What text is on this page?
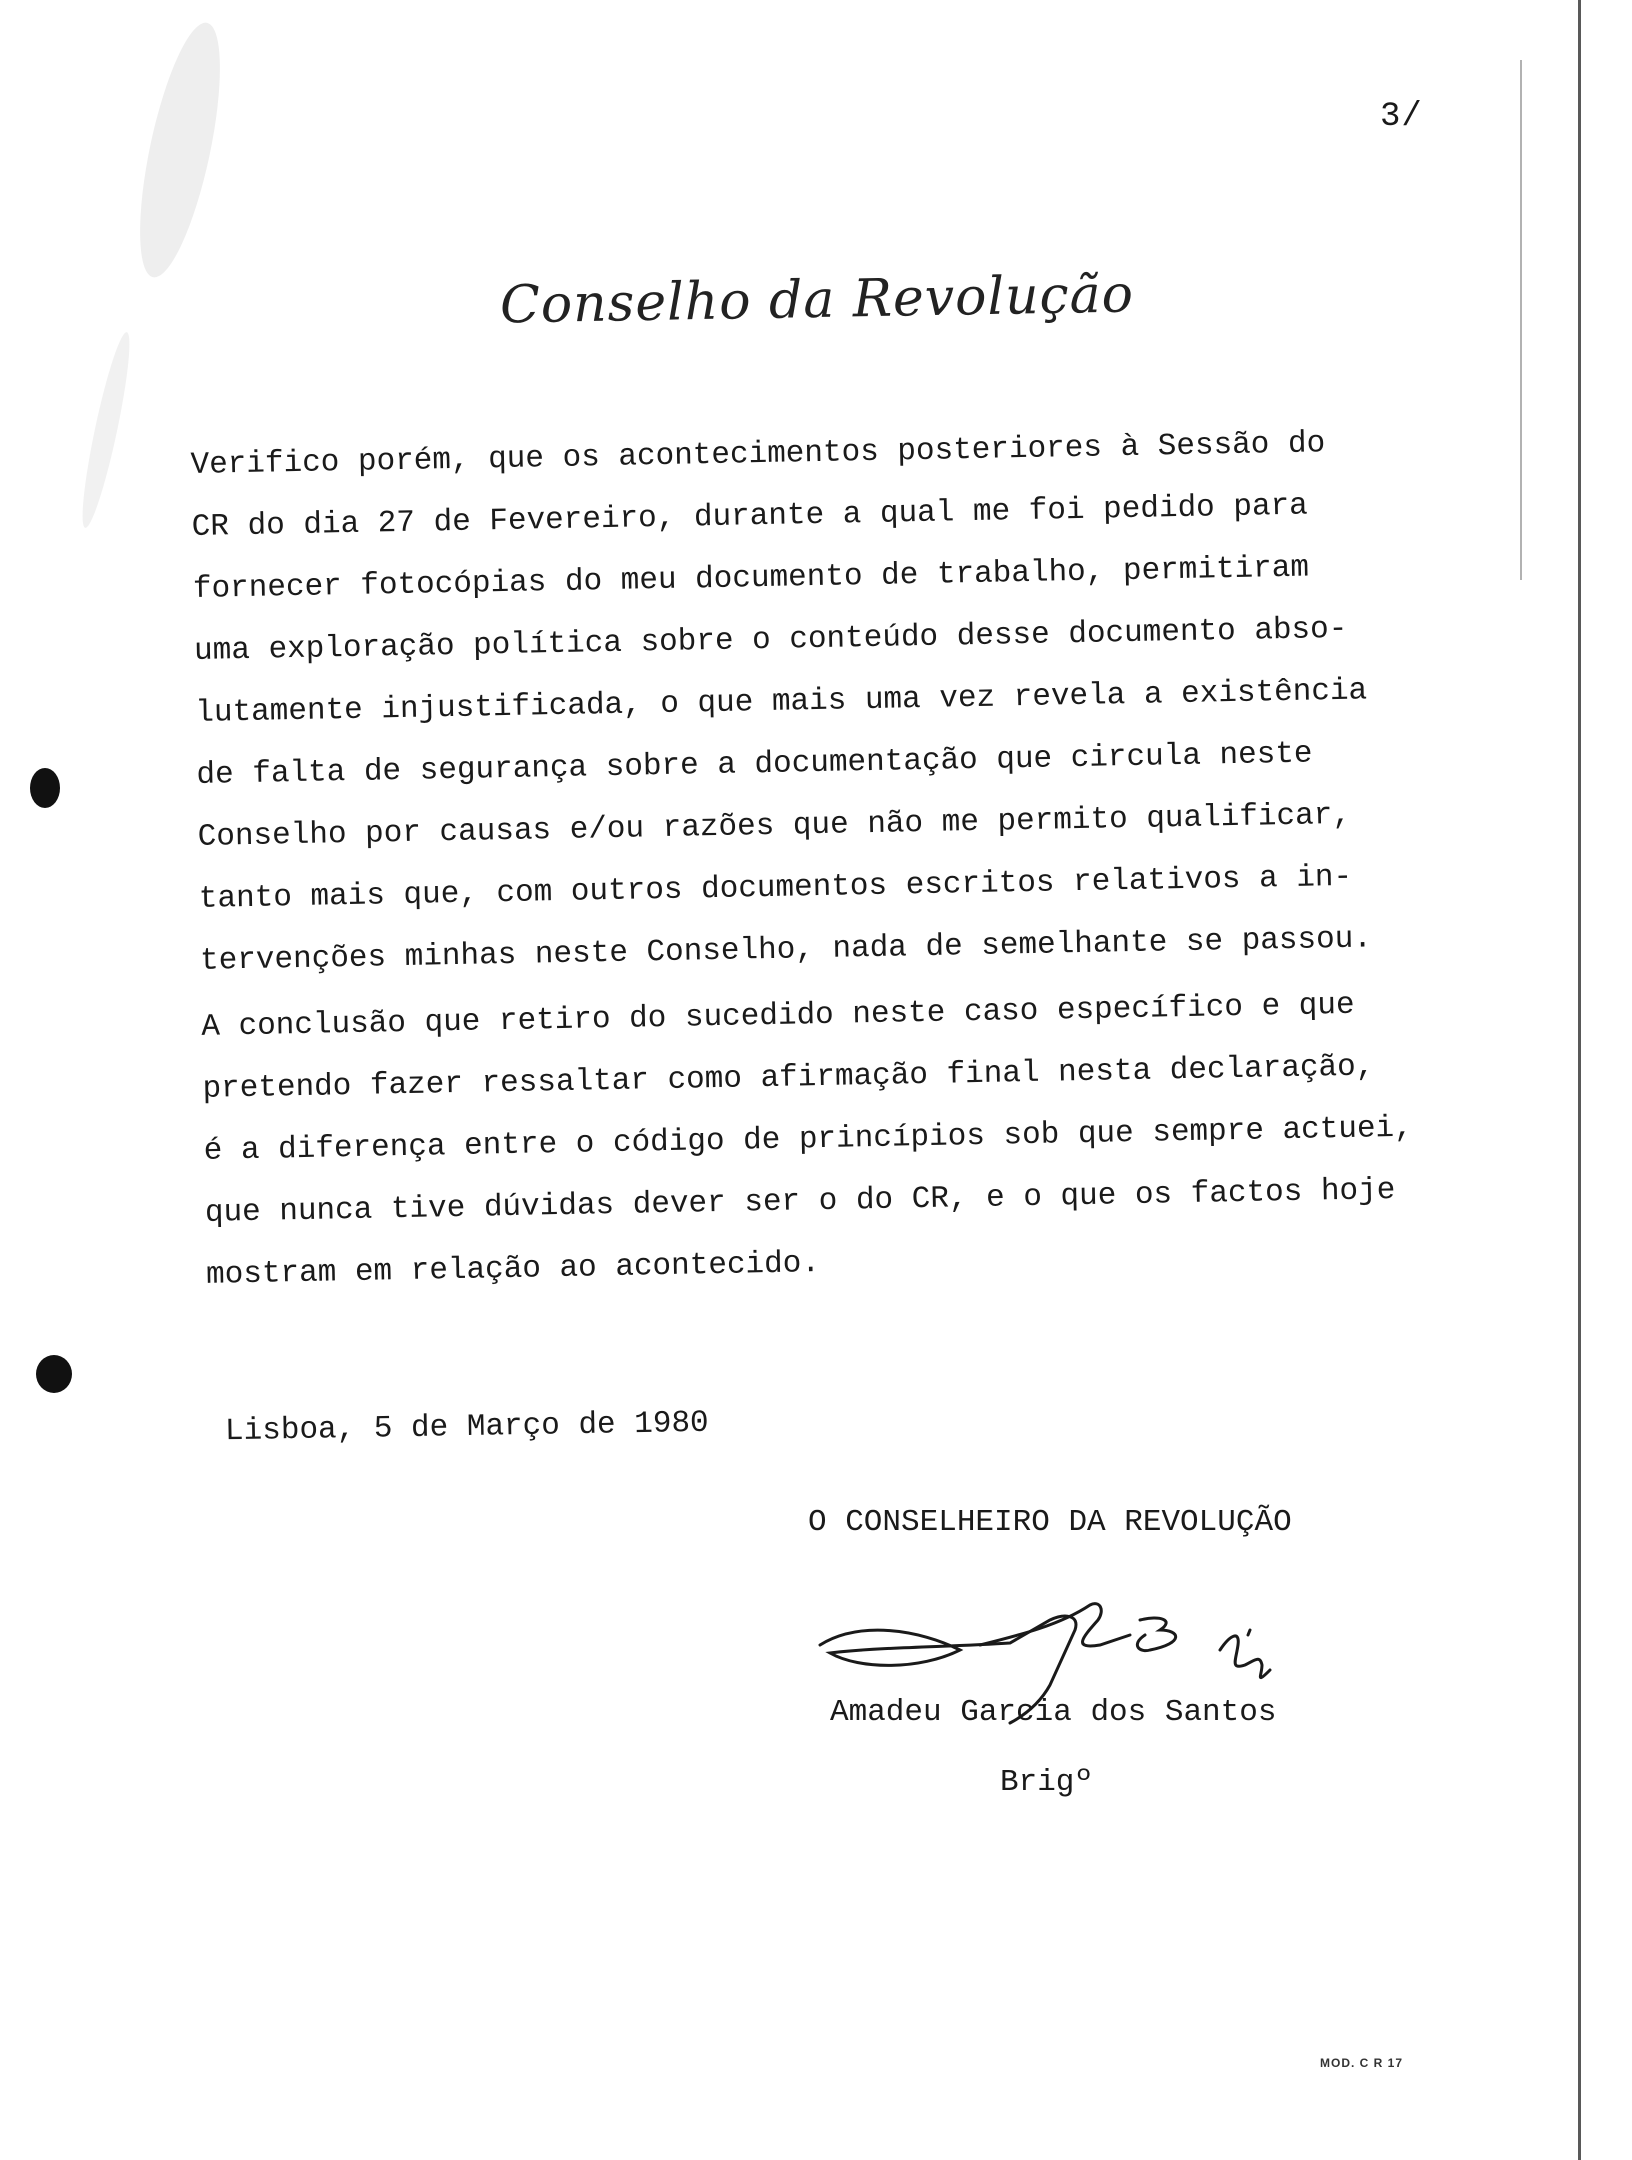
3/
Conselho da Revolução
Verifico porém, que os acontecimentos posteriores à Sessão do
CR do dia 27 de Fevereiro, durante a qual me foi pedido para
fornecer fotocópias do meu documento de trabalho, permitiram
uma exploração política sobre o conteúdo desse documento abso-
lutamente injustificada, o que mais uma vez revela a existência
de falta de segurança sobre a documentação que circula neste
Conselho por causas e/ou razões que não me permito qualificar,
tanto mais que, com outros documentos escritos relativos a in-
tervenções minhas neste Conselho, nada de semelhante se passou.
A conclusão que retiro do sucedido neste caso específico e que
pretendo fazer ressaltar como afirmação final nesta declaração,
é a diferença entre o código de princípios sob que sempre actuei,
que nunca tive dúvidas dever ser o do CR, e o que os factos hoje
mostram em relação ao acontecido.
Lisboa, 5 de Março de 1980
O CONSELHEIRO DA REVOLUÇÃO
Amadeu Garcia dos Santos
Brigº
MOD. C R 17
